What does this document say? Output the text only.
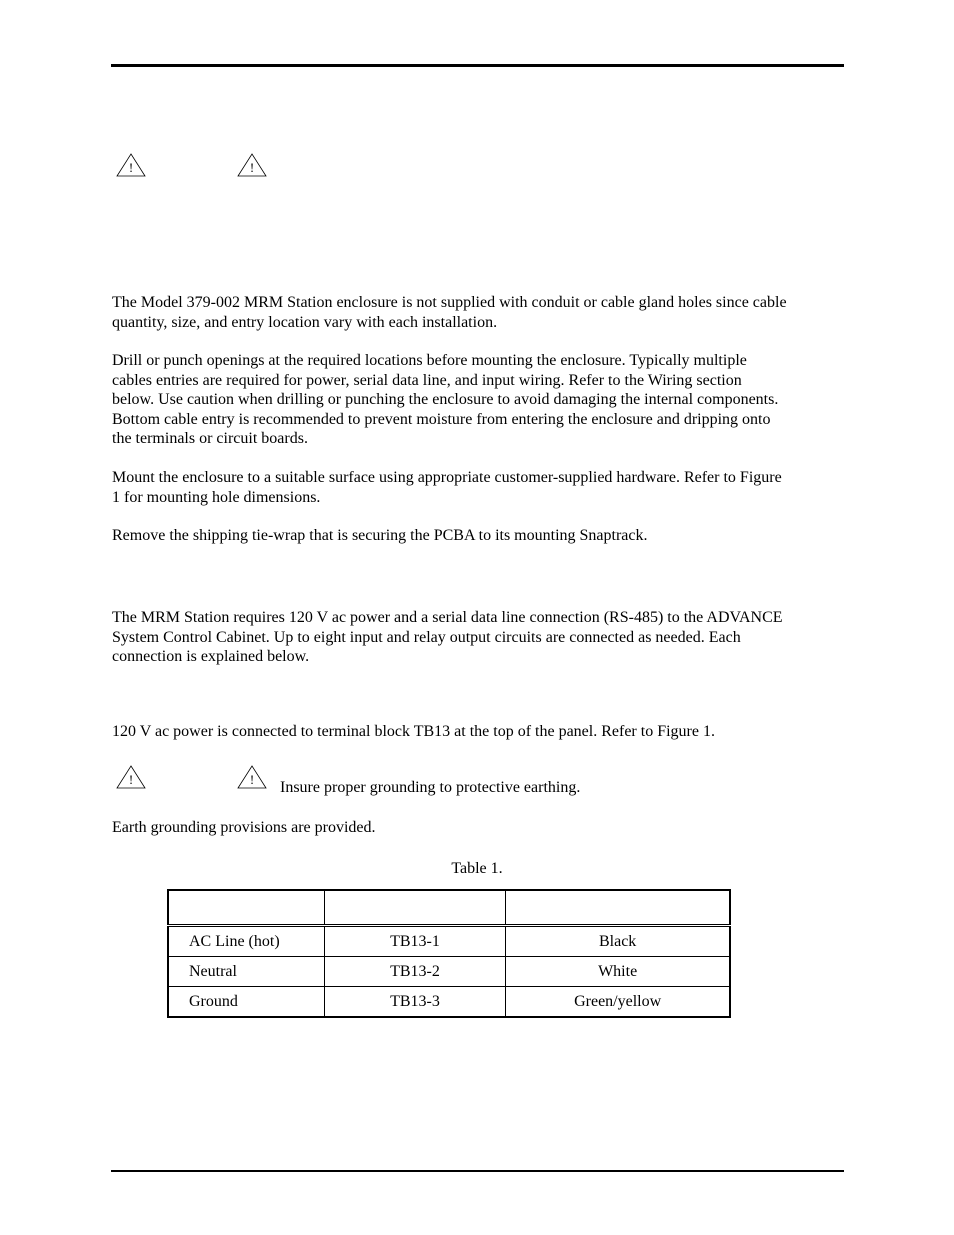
!	!

The Model 379-002 MRM Station enclosure is not supplied with conduit or cable gland holes since cable
quantity, size, and entry location vary with each installation.

Drill or punch openings at the required locations before mounting the enclosure. Typically multiple
cables entries are required for power, serial data line, and input wiring. Refer to the Wiring section
below. Use caution when drilling or punching the enclosure to avoid damaging the internal components.
Bottom cable entry is recommended to prevent moisture from entering the enclosure and dripping onto
the terminals or circuit boards.

Mount the enclosure to a suitable surface using appropriate customer-supplied hardware. Refer to Figure
1 for mounting hole dimensions.

Remove the shipping tie-wrap that is securing the PCBA to its mounting Snaptrack.

The MRM Station requires 120 V ac power and a serial data line connection (RS-485) to the ADVANCE
System Control Cabinet. Up to eight input and relay output circuits are connected as needed. Each
connection is explained below.

120 V ac power is connected to terminal block TB13 at the top of the panel. Refer to Figure 1.

!	! Insure proper grounding to protective earthing.

Earth grounding provisions are provided.

Table 1.

AC Line (hot)	TB13-1	Black
Neutral	TB13-2	White
Ground	TB13-3	Green/yellow
